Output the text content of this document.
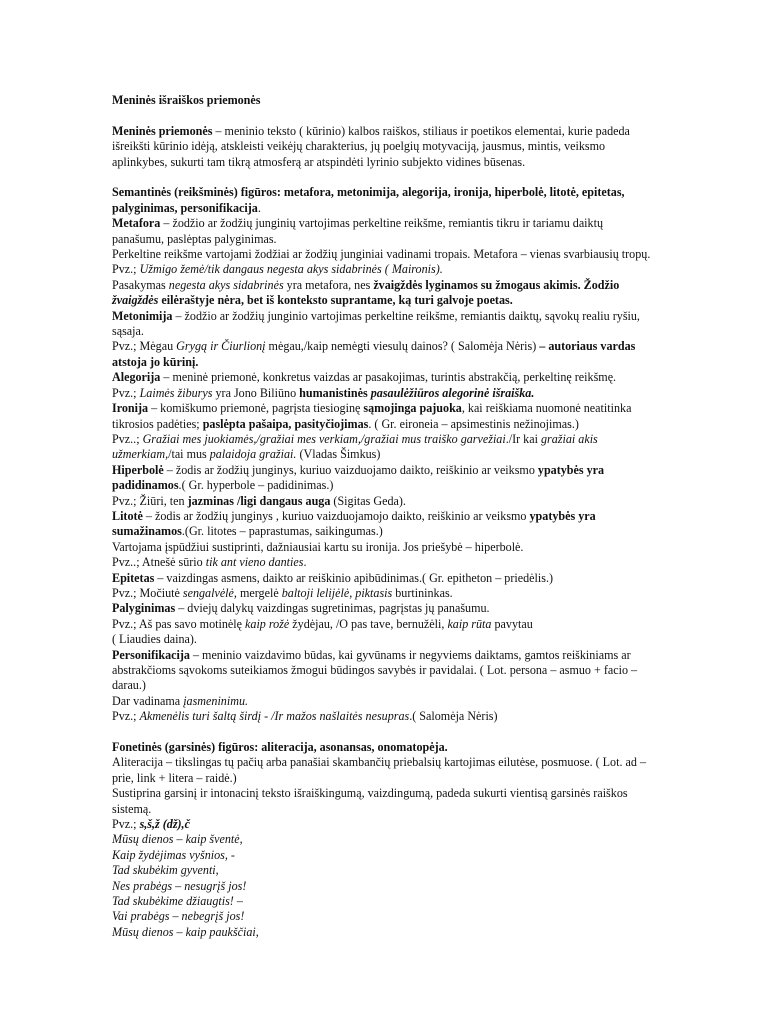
Meninės išraiškos priemonės

Meninės priemonės – meninio teksto ( kūrinio) kalbos raiškos, stiliaus ir poetikos elementai, kurie padeda išreikšti kūrinio idėją, atskleisti veikėjų charakterius, jų poelgių motyvaciją, jausmus, mintis, veiksmo aplinkybes, sukurti tam tikrą atmosferą ar atspindėti lyrinio subjekto vidines būsenas.

Semantinės (reikšminės) figūros: metafora, metonimija, alegorija, ironija, hiperbolė, litotė, epitetas, palyginimas, personifikacija.

Metafora – žodžio ar žodžių junginių vartojimas perkeltine reikšme, remiantis tikru ir tariamu daiktų panašumu, paslėptas palyginimas.

Perkeltine reikšme vartojami žodžiai ar žodžių junginiai vadinami tropais. Metafora – vienas svarbiausių tropų.

Pvz.; Užmigo žemė/tik dangaus negesta akys sidabrinės ( Maironis).

Pasakymas negesta akys sidabrinės yra metafora, nes žvaigždės lyginamos su žmogaus akimis. Žodžio žvaigždės eilėraštyje nėra, bet iš konteksto suprantame, ką turi galvoje poetas.

Metonimija – žodžio ar žodžių junginio vartojimas perkeltine reikšme, remiantis daiktų, sąvokų realiu ryšiu, sąsaja.

Pvz.; Mėgau Grygą ir Čiurlionį mėgau,/kaip nemėgti viesulų dainos? ( Salomėja Nėris) – autoriaus vardas atstoja jo kūrinį.

Alegorija – meninė priemonė, konkretus vaizdas ar pasakojimas, turintis abstrakčią, perkeltinę reikšmę.

Pvz.; Laimės žiburys yra Jono Biliūno humanistinės pasaulėžiūros alegorinė išraiška.

Ironija – komiškumo priemonė, pagrįsta tiesioginę sąmojinga pajuoka, kai reiškiama nuomonė neatitinka tikrosios padėties; paslėpta pašaipa, pasityčiojimas. ( Gr. eironeia – apsimestinis nežinojimas.)

Pvz..; Gražiai mes juokiamės,/gražiai mes verkiam,/gražiai mus traiško garvežiai./Ir kai gražiai akis užmerkiam,/tai mus palaidoja gražiai. (Vladas Šimkus)

Hiperbolė – žodis ar žodžių junginys, kuriuo vaizduojamo daikto, reiškinio ar veiksmo ypatybės yra padidinamos.( Gr. hyperbole – padidinimas.)

Pvz.; Žiūri, ten jazminas /ligi dangaus auga (Sigitas Geda).

Litotė – žodis ar žodžių junginys , kuriuo vaizduojamojo daikto, reiškinio ar veiksmo ypatybės yra sumažinamos.(Gr. litotes – paprastumas, saikingumas.)

Vartojama įspūdžiui sustiprinti, dažniausiai kartu su ironija. Jos priešybė – hiperbolė.

Pvz..; Atnešė sūrio tik ant vieno danties.

Epitetas – vaizdingas asmens, daikto ar reiškinio apibūdinimas.( Gr. epitheton – priedėlis.)

Pvz.; Močiutė sengalvėlė, mergelė baltoji lelijėlė, piktasis burtininkas.

Palyginimas – dviejų dalykų vaizdingas sugretinimas, pagrįstas jų panašumu.

Pvz.; Aš pas savo motinėlę kaip rožė žydėjau, /O pas tave, bernužėli, kaip rūta pavytau

( Liaudies daina).

Personifikacija – meninio vaizdavimo būdas, kai gyvūnams ir negyviems daiktams, gamtos reiškiniams ar abstrakčioms sąvokoms suteikiamos žmogui būdingos savybės ir pavidalai. ( Lot. persona – asmuo + facio – darau.)

Dar vadinama įasmeninimu.

Pvz.; Akmenėlis turi šaltą širdį - /Ir mažos našlaitės nesupras.( Salomėja Nėris)

Fonetinės (garsinės) figūros: aliteracija, asonansas, onomatopėja.

Aliteracija – tikslingas tų pačių arba panašiai skambančių priebalsių kartojimas eilutėse, posmuose. ( Lot. ad – prie, link + litera – raidė.)

Sustiprina garsinį ir intonacinį teksto išraiškingumą, vaizdingumą, padeda sukurti vientisą garsinės raiškos sistemą.

Pvz.; s,š,ž (dž),č

Mūsų dienos – kaip šventė,

Kaip žydėjimas vyšnios, -

Tad skubėkim gyventi,

Nes prabėgs – nesugrįš jos!

Tad skubėkime džiaugtis! –

Vai prabėgs – nebegrįš jos!

Mūsų dienos – kaip paukščiai,
